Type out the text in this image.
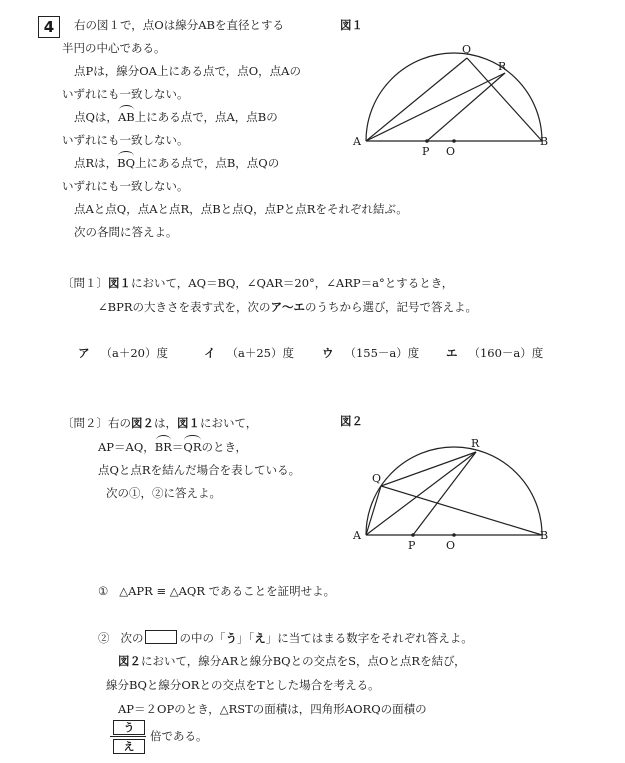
4	右の図１で，点Oは線分ABを直径とする
半円の中心である。
点Pは，線分OA上にある点で，点O，点Aの
いずれにも一致しない。
点Qは，AB上にある点で，点A，点Bの
いずれにも一致しない。
点Rは，BQ上にある点で，点B，点Qの
いずれにも一致しない。
点Aと点Q，点Aと点R，点Bと点Q，点Pと点Rをそれぞれ結ぶ。
次の各問に答えよ。
図１
図２
〔問１〕図１において，AQ＝BQ，∠QAR＝20°，∠ARP＝a°とするとき，
∠BPRの大きさを表す式を，次のア～エのうちから選び，記号で答えよ。
ア （a＋20）度	イ （a＋25）度 ウ （155－a）度 エ （160－a）度
〔問２〕右の図２は，図１において，
AP＝AQ，BR＝QRのとき，
点Qと点Rを結んだ場合を表している。
次の①，②に答えよ。
① △APR ≡ △AQR であることを証明せよ。
② 次の	の中の「う」「え」に当てはまる数字をそれぞれ答えよ。
図２において，線分ARと線分BQとの交点をS，点Oと点Rを結び，
線分BQと線分ORとの交点をTとした場合を考える。
AP＝２OPのとき，△RSTの面積は，四角形AORQの面積の
う
え
倍である。
A	B
P O
Q
R
A	B
P	O
Q
R
